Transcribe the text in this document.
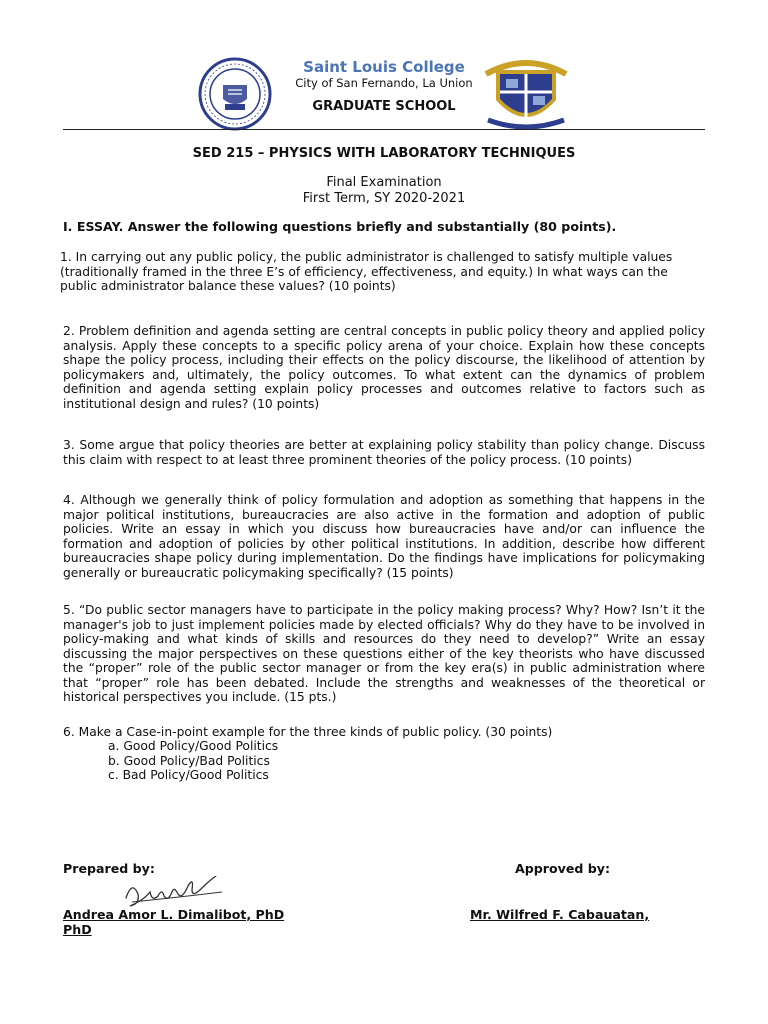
Saint Louis College
City of San Fernando, La Union
GRADUATE SCHOOL
SED 215 – PHYSICS WITH LABORATORY TECHNIQUES
Final Examination
First Term, SY 2020-2021
I. ESSAY. Answer the following questions briefly and substantially (80 points).
1. In carrying out any public policy, the public administrator is challenged to satisfy multiple values (traditionally framed in the three E’s of efficiency, effectiveness, and equity.) In what ways can the public administrator balance these values? (10 points)
2. Problem definition and agenda setting are central concepts in public policy theory and applied policy analysis. Apply these concepts to a specific policy arena of your choice. Explain how these concepts shape the policy process, including their effects on the policy discourse, the likelihood of attention by policymakers and, ultimately, the policy outcomes. To what extent can the dynamics of problem definition and agenda setting explain policy processes and outcomes relative to factors such as institutional design and rules? (10 points)
3. Some argue that policy theories are better at explaining policy stability than policy change. Discuss this claim with respect to at least three prominent theories of the policy process. (10 points)
4. Although we generally think of policy formulation and adoption as something that happens in the major political institutions, bureaucracies are also active in the formation and adoption of public policies. Write an essay in which you discuss how bureaucracies have and/or can influence the formation and adoption of policies by other political institutions. In addition, describe how different bureaucracies shape policy during implementation. Do the findings have implications for policymaking generally or bureaucratic policymaking specifically? (15 points)
5. “Do public sector managers have to participate in the policy making process? Why? How? Isn’t it the manager's job to just implement policies made by elected officials? Why do they have to be involved in policy-making and what kinds of skills and resources do they need to develop?” Write an essay discussing the major perspectives on these questions either of the key theorists who have discussed the “proper” role of the public sector manager or from the key era(s) in public administration where that “proper” role has been debated. Include the strengths and weaknesses of the theoretical or historical perspectives you include. (15 pts.)
6. Make a Case-in-point example for the three kinds of public policy. (30 points)
a. Good Policy/Good Politics
b. Good Policy/Bad Politics
c. Bad Policy/Good Politics
Prepared by:	Approved by:
Andrea Amor L. Dimalibot, PhD	Mr. Wilfred F. Cabauatan,
PhD
